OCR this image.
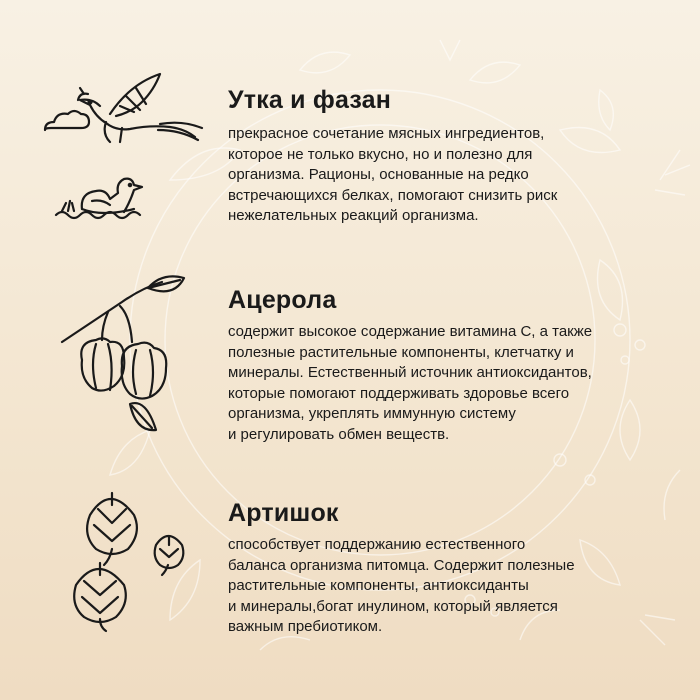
Утка и фазан

прекрасное сочетание мясных ингредиентов,
которое не только вкусно, но и полезно для
организма. Рационы, основанные на редко
встречающихся белках, помогают снизить риск
нежелательных реакций организма.

Ацерола

содержит высокое содержание витамина C, а также
полезные растительные компоненты, клетчатку и
минералы. Естественный источник антиоксидантов,
которые помогают поддерживать здоровье всего
организма, укреплять иммунную систему
и регулировать обмен веществ.

Артишок

способствует поддержанию естественного
баланса организма питомца. Содержит полезные
растительные компоненты, антиоксиданты
и минералы,богат инулином, который является
важным пребиотиком.
